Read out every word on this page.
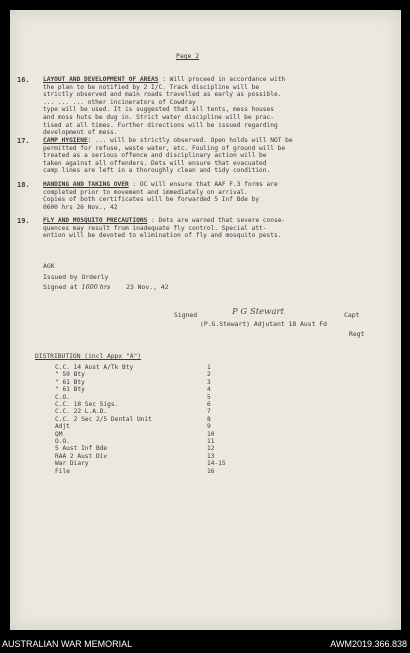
Page 2
16. LAYOUT AND DEVELOPMENT OF AREAS : Will proceed in accordance with
the plan to be notified by 2 I/C. Track discipline will be
strictly observed and main roads travelled as early as possible.
... ... ... other incinerators of Cowdray
type will be used. It is suggested that all tents, mess houses
and moss huts be dug in. Strict water discipline will be prac-
tised at all times. Further directions will be issued regarding
development of mess.
17. CAMP HYGIENE: ... will be strictly observed. Open holds will NOT be
permitted for refuse, waste water, etc. Fouling of ground will be
treated as a serious offence and disciplinary action will be
taken against all offenders. Dets will ensure that evacuated
camp lines are left in a thoroughly clean and tidy condition.
18. HANDING AND TAKING OVER : OC will ensure that AAF F.3 forms are
completed prior to movement and immediately on arrival.
Copies of both certificates will be forwarded 5 Inf Bde by
0600 hrs 26 Nov., 42
19. FLY AND MOSQUITO PRECAUTIONS : Dets are warned that severe conse-
quences may result from inadequate fly control. Special att-
ention will be devoted to elimination of fly and mosquito pests.
AGK
Issued by Orderly
Signed at 1600 hrs 23 Nov., 42
Signed	P G Stewart	Capt
(P.G.Stewart) Adjutant 18 Aust Fd
Regt
DISTRIBUTION (incl Appx "A")
C.C. 14 Aust A/Tk Bty	1
" 59 Bty	2
" 61 Bty	3
" 61 Bty	4
C.O.	5
C.C. 18 Sec Sigs.	6
C.C. 22 L.A.D.	7
C.C. 2 Sec 2/5 Dental Unit	8
Adjt	9
QM	10
O.O.	11
5 Aust Inf Bde	12
RAA 2 Aust Div	13
War Diary	14-15
File	16
AUSTRALIAN WAR MEMORIAL	AWM2019.366.838
